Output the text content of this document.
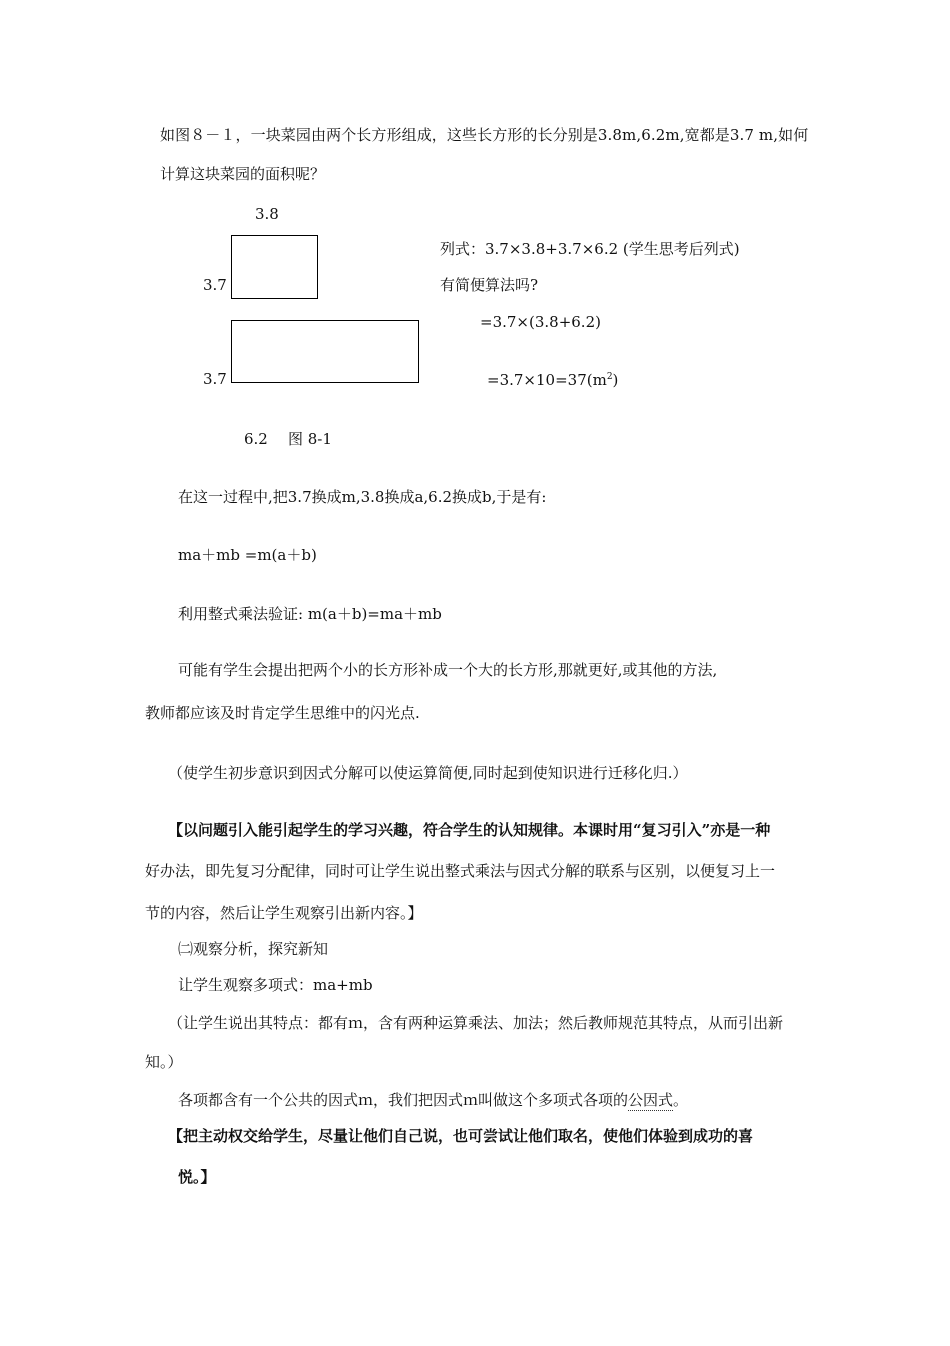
如图８－１，一块菜园由两个长方形组成，这些长方形的长分别是3.8m,6.2m,宽都是3.7 m,如何

计算这块菜园的面积呢？

3.8
3.7
3.7
6.2 图 8-1

列式：3.7×3.8+3.7×6.2 (学生思考后列式)

有简便算法吗?

=3.7×(3.8+6.2)

$=3.7\times 10=37(m^2)$

在这一过程中,把3.7换成m,3.8换成a,6.2换成b,于是有:

ma＋mb =m(a＋b)

利用整式乘法验证: m(a＋b)=ma＋mb

可能有学生会提出把两个小的长方形补成一个大的长方形,那就更好,或其他的方法,

教师都应该及时肯定学生思维中的闪光点.

（使学生初步意识到因式分解可以使运算简便,同时起到使知识进行迁移化归.）

【以问题引入能引起学生的学习兴趣，符合学生的认知规律。本课时用“复习引入”亦是一种

好办法，即先复习分配律，同时可让学生说出整式乘法与因式分解的联系与区别，以便复习上一

节的内容，然后让学生观察引出新内容。】

㈡观察分析，探究新知

让学生观察多项式：ma+mb

（让学生说出其特点：都有ｍ，含有两种运算乘法、加法；然后教师规范其特点，从而引出新

知。）

各项都含有一个公共的因式ｍ，我们把因式ｍ叫做这个多项式各项的公因式。

【把主动权交给学生，尽量让他们自己说，也可尝试让他们取名，使他们体验到成功的喜

悦。】
